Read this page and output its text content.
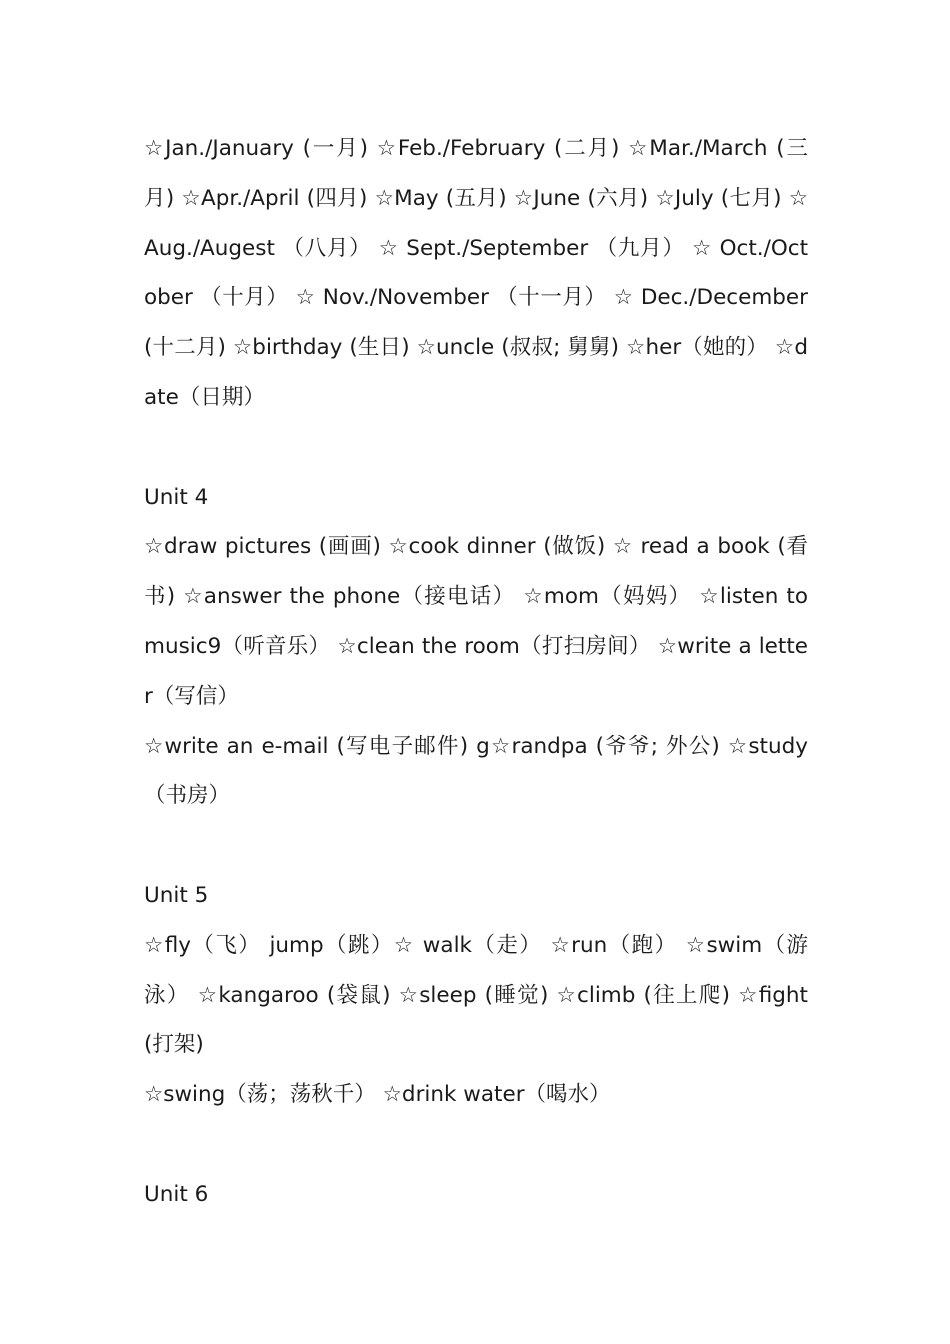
☆Jan./January (一月) ☆Feb./February (二月) ☆Mar./March (三月) ☆Apr./April (四月) ☆May (五月) ☆June (六月) ☆July (七月) ☆ Aug./Augest （八月） ☆ Sept./September （九月） ☆ Oct./October （十月） ☆ Nov./November （十一月） ☆ Dec./December (十二月) ☆birthday (生日) ☆uncle (叔叔; 舅舅) ☆her（她的） ☆date（日期）

Unit 4

☆draw pictures (画画) ☆cook dinner (做饭) ☆ read a book (看书) ☆answer the phone（接电话） ☆mom（妈妈） ☆listen to music9（听音乐） ☆clean the room（打扫房间） ☆write a letter（写信）

☆write an e-mail (写电子邮件) g☆randpa (爷爷; 外公) ☆study（书房）

Unit 5

☆fly（飞） jump（跳）☆ walk（走） ☆run（跑） ☆swim（游泳） ☆kangaroo (袋鼠) ☆sleep (睡觉) ☆climb (往上爬) ☆fight (打架)

☆swing（荡；荡秋千） ☆drink water（喝水）

Unit 6
